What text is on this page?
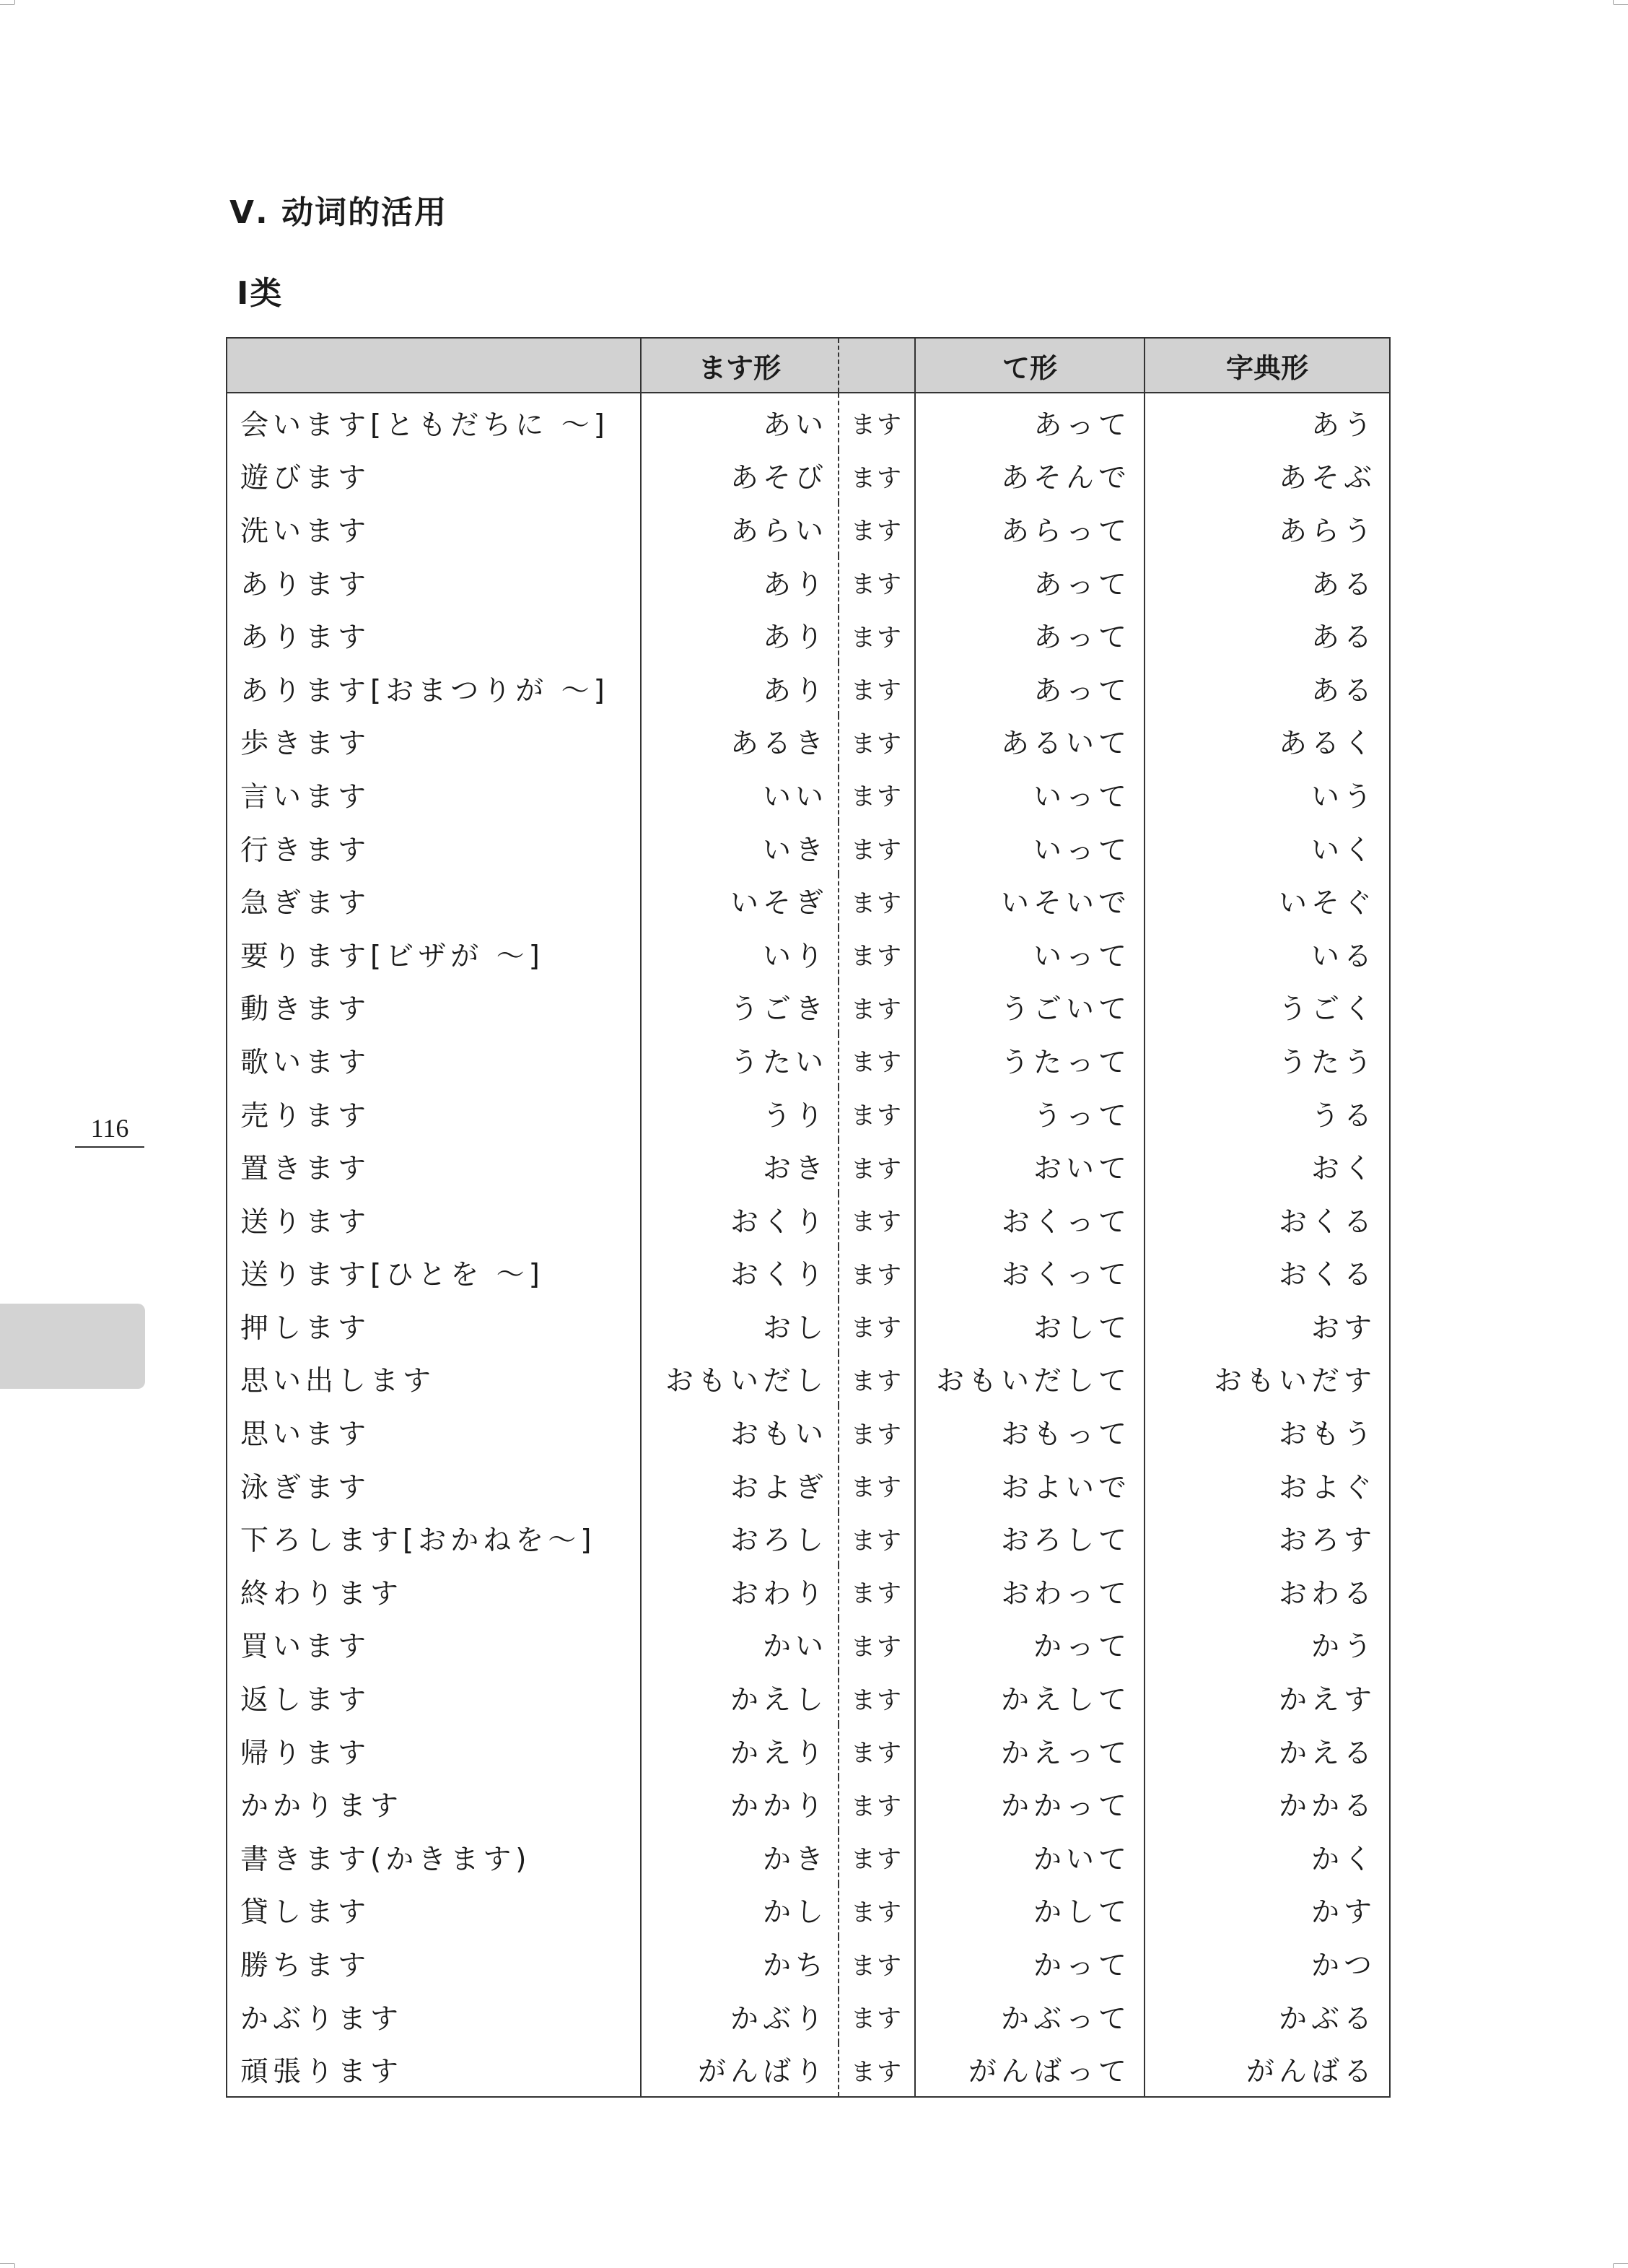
Ⅴ. 动词的活用
Ⅰ类
116
	ます形		て形	字典形
会います[ともだちに 〜]	あい	ます	あって	あう
遊びます	あそび	ます	あそんで	あそぶ
洗います	あらい	ます	あらって	あらう
あります	あり	ます	あって	ある
あります	あり	ます	あって	ある
あります[おまつりが 〜]	あり	ます	あって	ある
歩きます	あるき	ます	あるいて	あるく
言います	いい	ます	いって	いう
行きます	いき	ます	いって	いく
急ぎます	いそぎ	ます	いそいで	いそぐ
要ります[ビザが 〜]	いり	ます	いって	いる
動きます	うごき	ます	うごいて	うごく
歌います	うたい	ます	うたって	うたう
売ります	うり	ます	うって	うる
置きます	おき	ます	おいて	おく
送ります	おくり	ます	おくって	おくる
送ります[ひとを 〜]	おくり	ます	おくって	おくる
押します	おし	ます	おして	おす
思い出します	おもいだし	ます	おもいだして	おもいだす
思います	おもい	ます	おもって	おもう
泳ぎます	およぎ	ます	およいで	およぐ
下ろします[おかねを〜]	おろし	ます	おろして	おろす
終わります	おわり	ます	おわって	おわる
買います	かい	ます	かって	かう
返します	かえし	ます	かえして	かえす
帰ります	かえり	ます	かえって	かえる
かかります	かかり	ます	かかって	かかる
書きます(かきます)	かき	ます	かいて	かく
貸します	かし	ます	かして	かす
勝ちます	かち	ます	かって	かつ
かぶります	かぶり	ます	かぶって	かぶる
頑張ります	がんばり	ます	がんばって	がんばる
